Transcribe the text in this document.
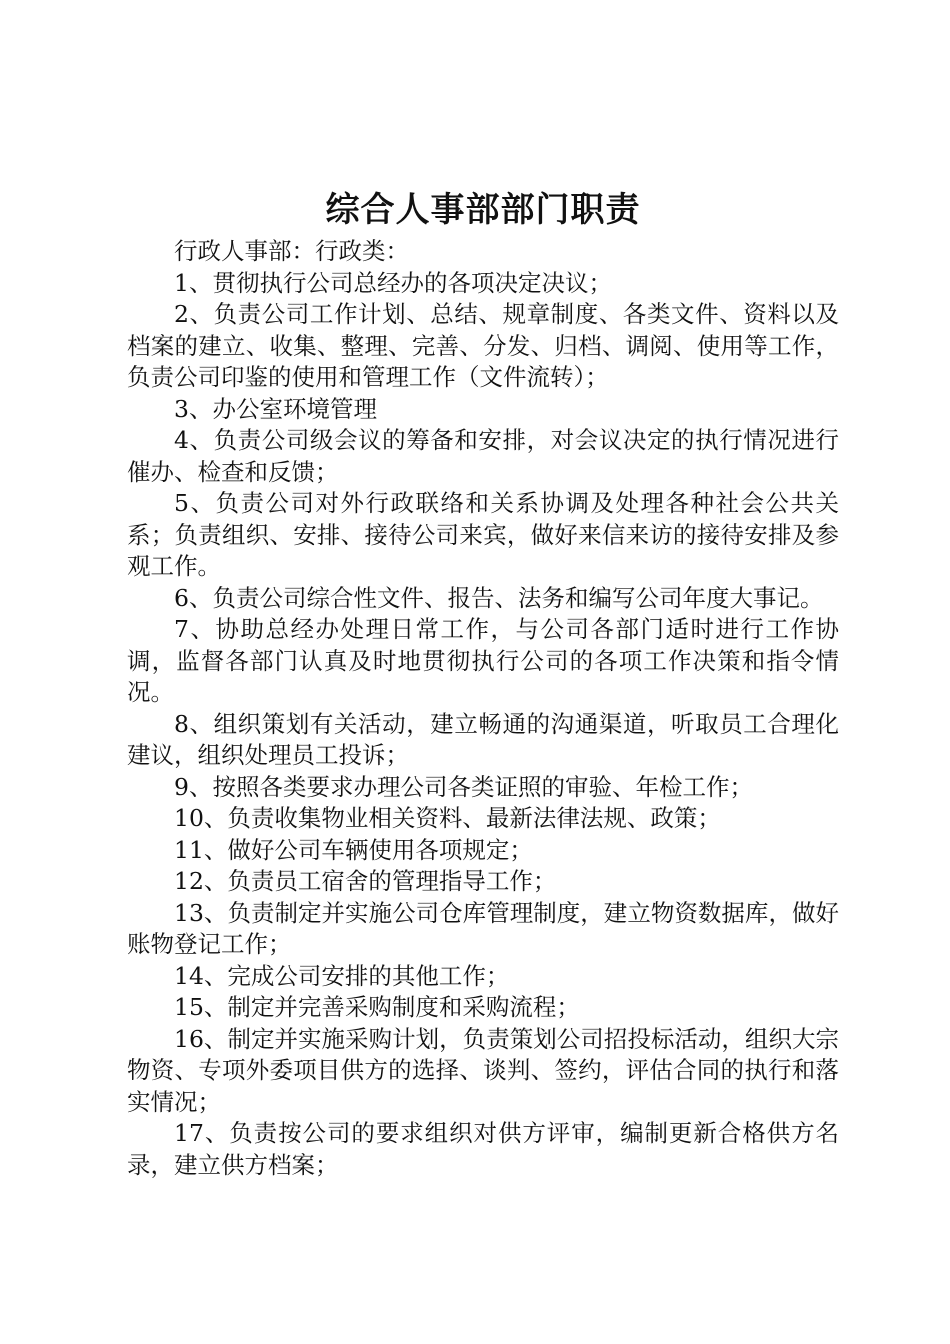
综合人事部部门职责

行政人事部：行政类：

1、贯彻执行公司总经办的各项决定决议；

2、负责公司工作计划、总结、规章制度、各类文件、资料以及档案的建立、收集、整理、完善、分发、归档、调阅、使用等工作，负责公司印鉴的使用和管理工作（文件流转）；

3、办公室环境管理

4、负责公司级会议的筹备和安排，对会议决定的执行情况进行催办、检查和反馈；

5、负责公司对外行政联络和关系协调及处理各种社会公共关系；负责组织、安排、接待公司来宾，做好来信来访的接待安排及参观工作。

6、负责公司综合性文件、报告、法务和编写公司年度大事记。

7、协助总经办处理日常工作，与公司各部门适时进行工作协调，监督各部门认真及时地贯彻执行公司的各项工作决策和指令情况。

8、组织策划有关活动，建立畅通的沟通渠道，听取员工合理化建议，组织处理员工投诉；

9、按照各类要求办理公司各类证照的审验、年检工作；

10、负责收集物业相关资料、最新法律法规、政策；

11、做好公司车辆使用各项规定；

12、负责员工宿舍的管理指导工作；

13、负责制定并实施公司仓库管理制度，建立物资数据库，做好账物登记工作；

14、完成公司安排的其他工作；

15、制定并完善采购制度和采购流程；

16、制定并实施采购计划，负责策划公司招投标活动，组织大宗物资、专项外委项目供方的选择、谈判、签约，评估合同的执行和落实情况；

17、负责按公司的要求组织对供方评审，编制更新合格供方名录，建立供方档案；
